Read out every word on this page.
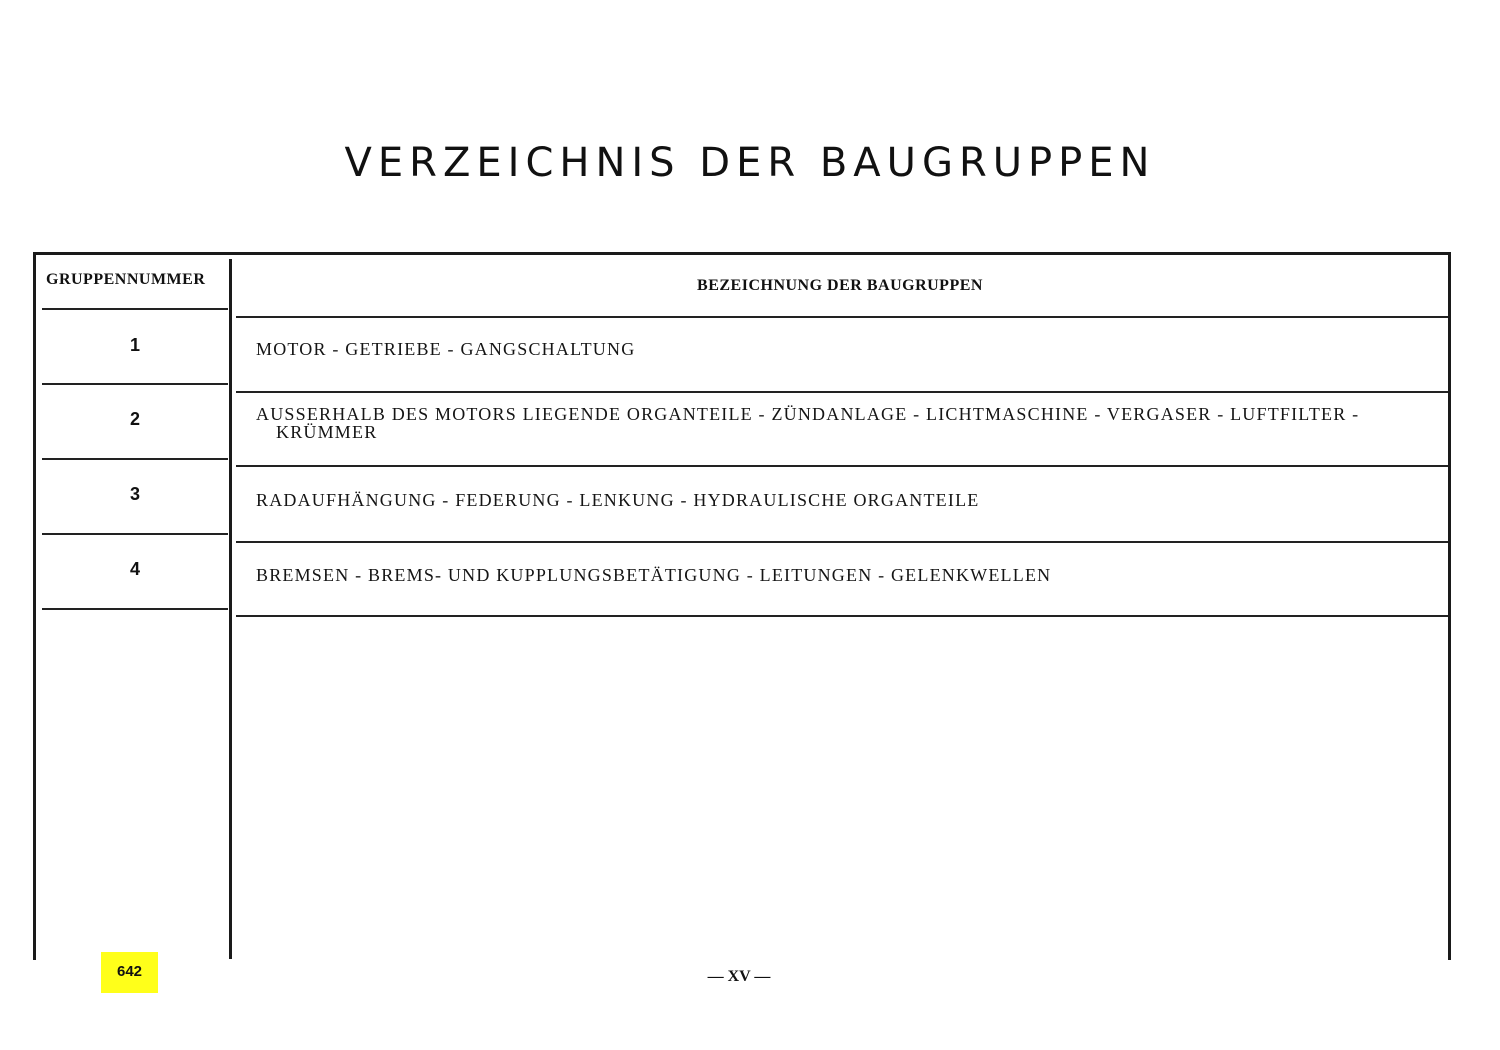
VERZEICHNIS DER BAUGRUPPEN
GRUPPENNUMMER	BEZEICHNUNG DER BAUGRUPPEN
1	MOTOR - GETRIEBE - GANGSCHALTUNG
2	AUSSERHALB DES MOTORS LIEGENDE ORGANTEILE - ZÜNDANLAGE - LICHTMASCHINE - VERGASER - LUFTFILTER -
KRÜMMER
3	RADAUFHÄNGUNG - FEDERUNG - LENKUNG - HYDRAULISCHE ORGANTEILE
4	BREMSEN - BREMS- UND KUPPLUNGSBETÄTIGUNG - LEITUNGEN - GELENKWELLEN
642	— XV —
